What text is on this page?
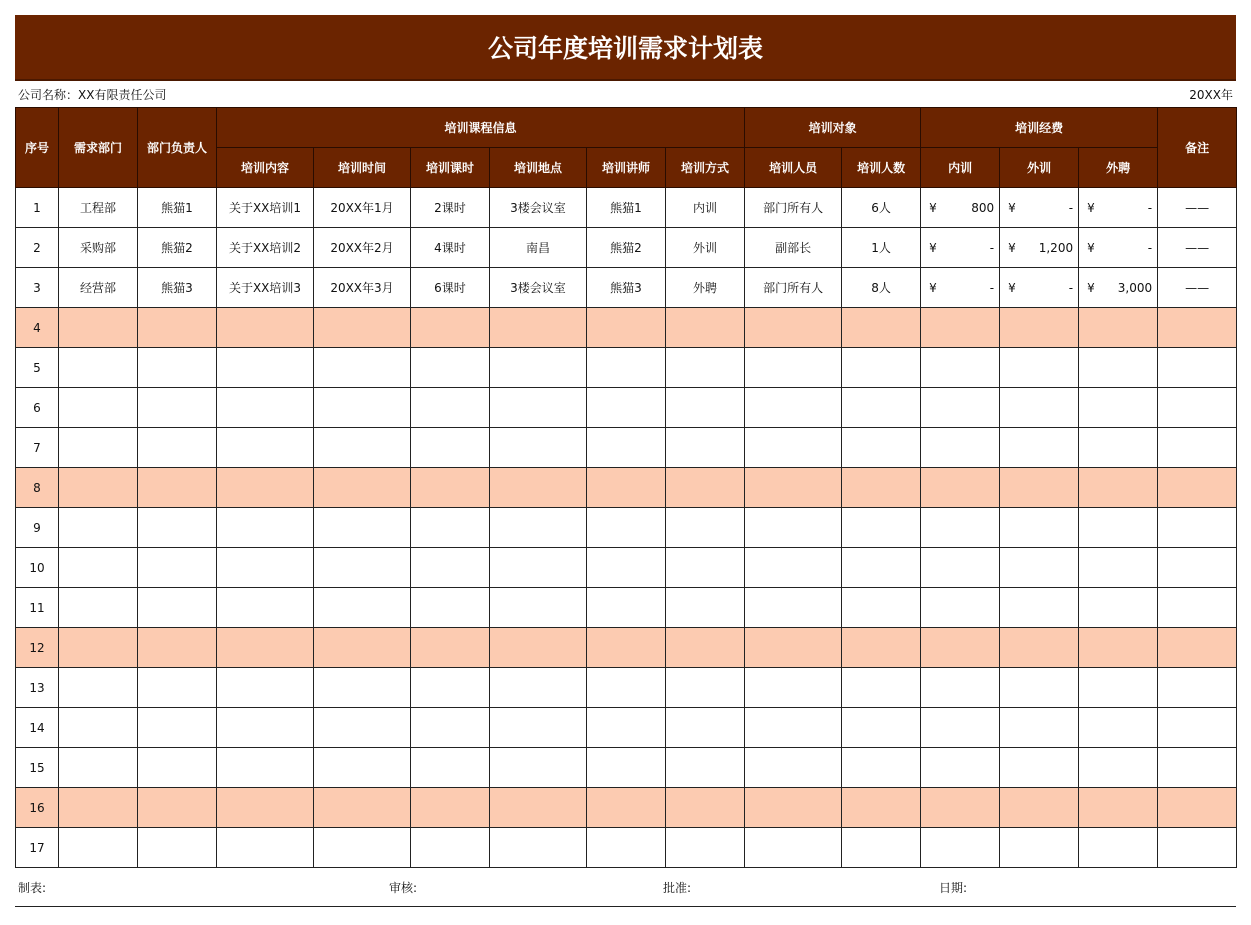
公司年度培训需求计划表
公司名称：XX有限责任公司	20XX年
序号	需求部门	部门负责人	培训课程信息						培训对象		培训经费			备注
			培训内容	培训时间	培训课时	培训地点	培训讲师	培训方式	培训人员	培训人数	内训	外训	外聘	
1	工程部	熊猫1	关于XX培训1	20XX年1月	2课时	3楼会议室	熊猫1	内训	部门所有人	6人	¥ 800	¥ -	¥ -	——
2	采购部	熊猫2	关于XX培训2	20XX年2月	4课时	南昌	熊猫2	外训	副部长	1人	¥ -	¥ 1,200	¥ -	——
3	经营部	熊猫3	关于XX培训3	20XX年3月	6课时	3楼会议室	熊猫3	外聘	部门所有人	8人	¥ -	¥ -	¥ 3,000	——
4														
5														
6														
7														
8														
9														
10														
11														
12														
13														
14														
15														
16														
17														
制表:	审核:	批准:	日期:
